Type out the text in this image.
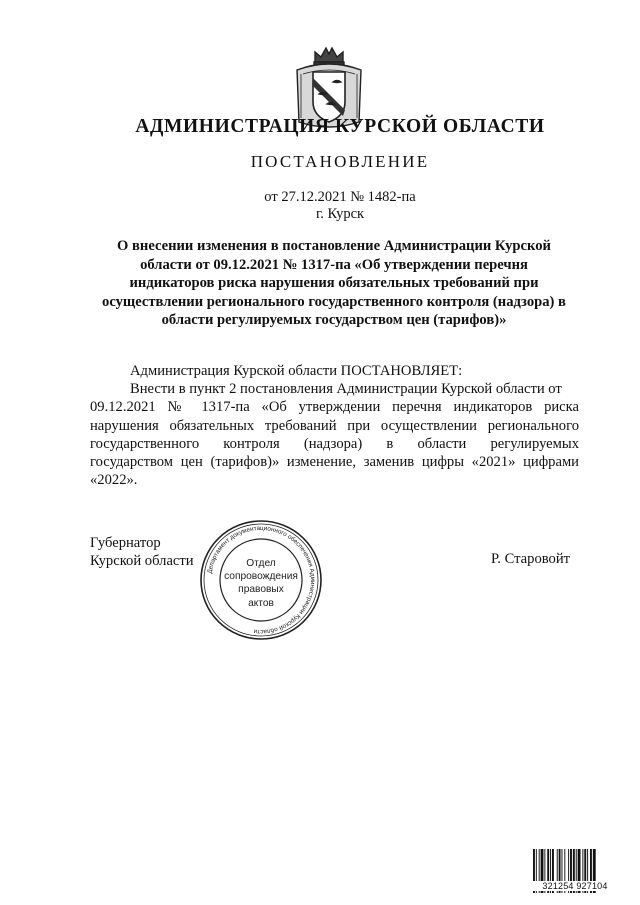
АДМИНИСТРАЦИЯ КУРСКОЙ ОБЛАСТИ
ПОСТАНОВЛЕНИЕ
от 27.12.2021 № 1482-па
г. Курск
О внесении изменения в постановление Администрации Курской
области от 09.12.2021 № 1317-па «Об утверждении перечня
индикаторов риска нарушения обязательных требований при
осуществлении регионального государственного контроля (надзора) в
области регулируемых государством цен (тарифов)»
Администрация Курской области ПОСТАНОВЛЯЕТ:
Внести в пункт 2 постановления Администрации Курской области от
09.12.2021 № 1317-па «Об утверждении перечня индикаторов риска
нарушения обязательных требований при осуществлении регионального
государственного контроля (надзора) в области регулируемых
государством цен (тарифов)» изменение, заменив цифры «2021» цифрами
«2022».
Губернатор
Курской области	Р. Старовойт
Департамент документационного обеспечения Администрации Курской области
Отдел
сопровождения
правовых
актов
321254 927104
